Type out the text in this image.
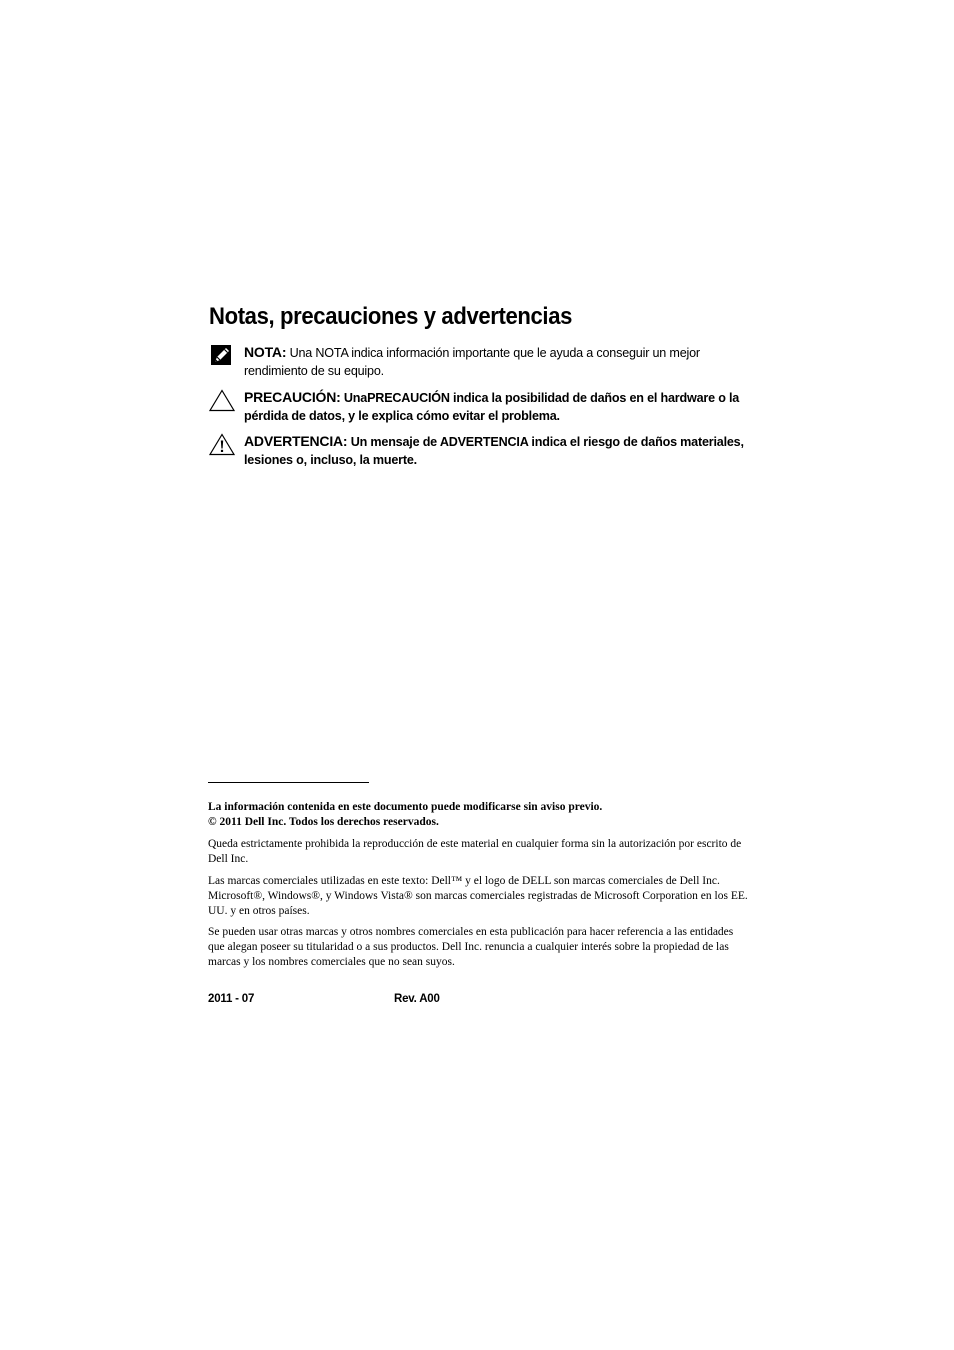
Notas, precauciones y advertencias
NOTA: Una NOTA indica información importante que le ayuda a conseguir un mejor rendimiento de su equipo.
PRECAUCIÓN: UnaPRECAUCIÓN indica la posibilidad de daños en el hardware o la pérdida de datos, y le explica cómo evitar el problema.
ADVERTENCIA: Un mensaje de ADVERTENCIA indica el riesgo de daños materiales, lesiones o, incluso, la muerte.

La información contenida en este documento puede modificarse sin aviso previo.

© 2011 Dell Inc. Todos los derechos reservados.

Queda estrictamente prohibida la reproducción de este material en cualquier forma sin la autorización por escrito de Dell Inc.

Las marcas comerciales utilizadas en este texto: Dell™ y el logo de DELL son marcas comerciales de Dell Inc. Microsoft®, Windows®, y Windows Vista® son marcas comerciales registradas de Microsoft Corporation en los EE. UU. y en otros países.

Se pueden usar otras marcas y otros nombres comerciales en esta publicación para hacer referencia a las entidades que alegan poseer su titularidad o a sus productos. Dell Inc. renuncia a cualquier interés sobre la propiedad de las marcas y los nombres comerciales que no sean suyos.

2011 - 07	Rev. A00
